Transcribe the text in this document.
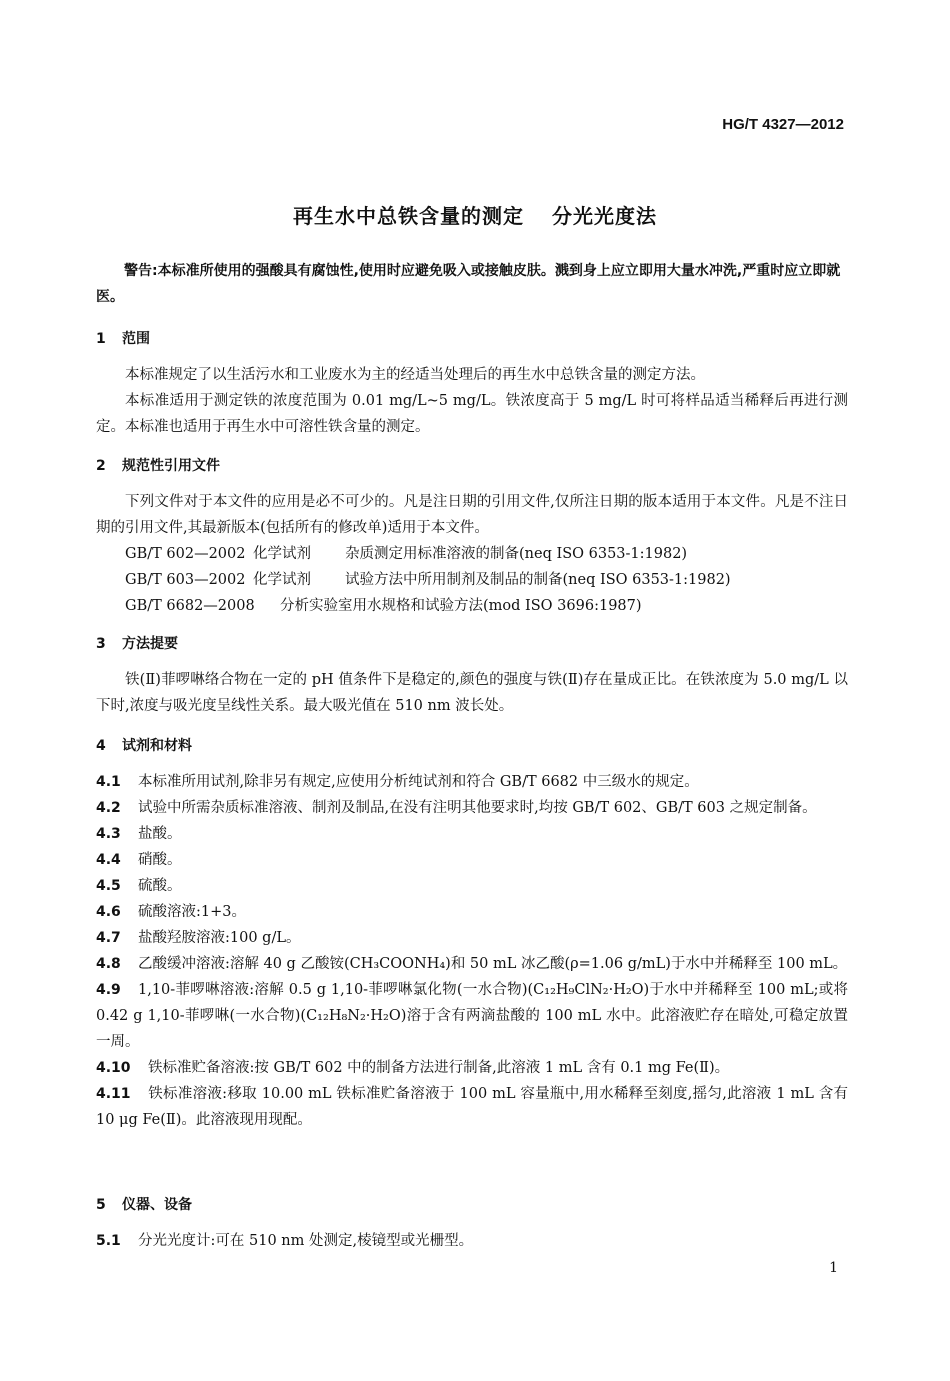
HG/T 4327—2012
再生水中总铁含量的测定 分光光度法

警告:本标准所使用的强酸具有腐蚀性,使用时应避免吸入或接触皮肤。溅到身上应立即用大量水冲洗,严重时应立即就医。

1 范围

本标准规定了以生活污水和工业废水为主的经适当处理后的再生水中总铁含量的测定方法。

本标准适用于测定铁的浓度范围为 0.01 mg/L~5 mg/L。铁浓度高于 5 mg/L 时可将样品适当稀释后再进行测定。本标准也适用于再生水中可溶性铁含量的测定。

2 规范性引用文件

下列文件对于本文件的应用是必不可少的。凡是注日期的引用文件,仅所注日期的版本适用于本文件。凡是不注日期的引用文件,其最新版本(包括所有的修改单)适用于本文件。

GB/T 602—2002 化学试剂 杂质测定用标准溶液的制备(neq ISO 6353-1:1982)
GB/T 603—2002 化学试剂 试验方法中所用制剂及制品的制备(neq ISO 6353-1:1982)
GB/T 6682—2008 分析实验室用水规格和试验方法(mod ISO 3696:1987)
3 方法提要

铁(Ⅱ)菲啰啉络合物在一定的 pH 值条件下是稳定的,颜色的强度与铁(Ⅱ)存在量成正比。在铁浓度为 5.0 mg/L 以下时,浓度与吸光度呈线性关系。最大吸光值在 510 nm 波长处。

4 试剂和材料
4.1 本标准所用试剂,除非另有规定,应使用分析纯试剂和符合 GB/T 6682 中三级水的规定。
4.2 试验中所需杂质标准溶液、制剂及制品,在没有注明其他要求时,均按 GB/T 602、GB/T 603 之规定制备。
4.3 盐酸。
4.4 硝酸。
4.5 硫酸。
4.6 硫酸溶液:1+3。
4.7 盐酸羟胺溶液:100 g/L。
4.8 乙酸缓冲溶液:溶解 40 g 乙酸铵(CH₃COONH₄)和 50 mL 冰乙酸(ρ=1.06 g/mL)于水中并稀释至 100 mL。
4.9 1,10-菲啰啉溶液:溶解 0.5 g 1,10-菲啰啉氯化物(一水合物)(C₁₂H₉ClN₂·H₂O)于水中并稀释至 100 mL;或将 0.42 g 1,10-菲啰啉(一水合物)(C₁₂H₈N₂·H₂O)溶于含有两滴盐酸的 100 mL 水中。此溶液贮存在暗处,可稳定放置一周。
4.10 铁标准贮备溶液:按 GB/T 602 中的制备方法进行制备,此溶液 1 mL 含有 0.1 mg Fe(Ⅱ)。
4.11 铁标准溶液:移取 10.00 mL 铁标准贮备溶液于 100 mL 容量瓶中,用水稀释至刻度,摇匀,此溶液 1 mL 含有 10 μg Fe(Ⅱ)。此溶液现用现配。
5 仪器、设备
5.1 分光光度计:可在 510 nm 处测定,棱镜型或光栅型。
1
